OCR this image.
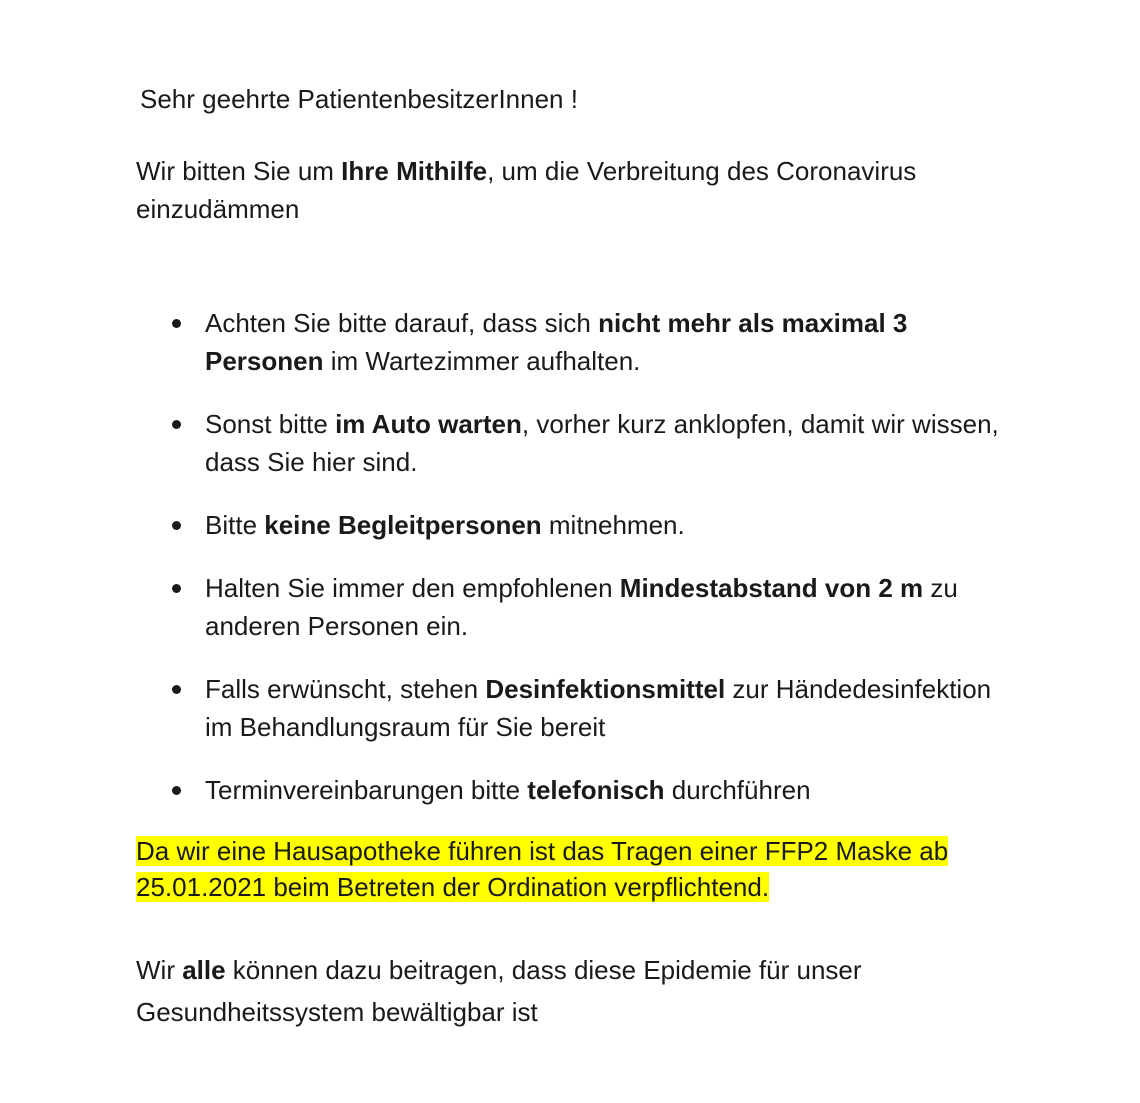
Sehr geehrte PatientenbesitzerInnen !
Wir bitten Sie um Ihre Mithilfe, um die Verbreitung des Coronavirus einzudämmen
Achten Sie bitte darauf, dass sich nicht mehr als maximal 3 Personen im Wartezimmer aufhalten.
Sonst bitte im Auto warten, vorher kurz anklopfen, damit wir wissen, dass Sie hier sind.
Bitte keine Begleitpersonen mitnehmen.
Halten Sie immer den empfohlenen Mindestabstand von 2 m zu anderen Personen ein.
Falls erwünscht, stehen Desinfektionsmittel zur Händedesinfektion im Behandlungsraum für Sie bereit
Terminvereinbarungen bitte telefonisch durchführen
Da wir eine Hausapotheke führen ist das Tragen einer FFP2 Maske ab
25.01.2021 beim Betreten der Ordination verpflichtend.
Wir alle können dazu beitragen, dass diese Epidemie für unser Gesundheitssystem bewältigbar ist
